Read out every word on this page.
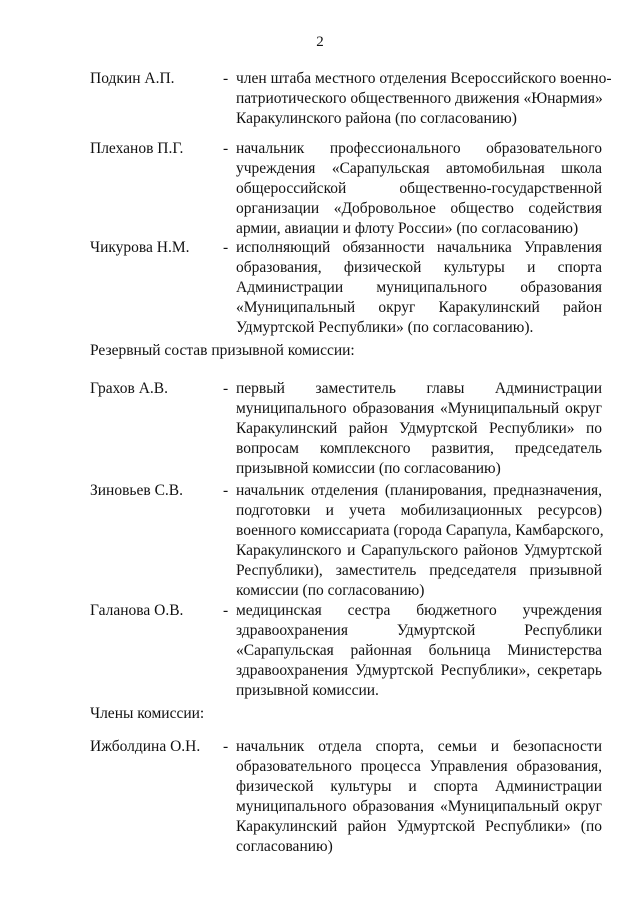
2
Подкин А.П.	- член штаба местного отделения Всероссийского военно-
патриотического общественного движения «Юнармия»
Каракулинского района (по согласованию)
Плеханов П.Г.	- начальник профессионального образовательного
учреждения «Сарапульская автомобильная школа
общероссийской общественно-государственной
организации «Добровольное общество содействия
армии, авиации и флоту России» (по согласованию)
Чикурова Н.М. - исполняющий обязанности начальника Управления
образования, физической культуры и спорта
Администрации муниципального образования
«Муниципальный округ Каракулинский район
Удмуртской Республики» (по согласованию).
Резервный состав призывной комиссии:
Грахов А.В.	- первый заместитель главы Администрации
муниципального образования «Муниципальный округ
Каракулинский район Удмуртской Республики» по
вопросам комплексного развития, председатель
призывной комиссии (по согласованию)
Зиновьев С.В.	- начальник отделения (планирования, предназначения,
подготовки и учета мобилизационных ресурсов)
военного комиссариата (города Сарапула, Камбарского,
Каракулинского и Сарапульского районов Удмуртской
Республики), заместитель председателя призывной
комиссии (по согласованию)
Галанова О.В.	- медицинская сестра бюджетного учреждения
здравоохранения Удмуртской Республики
«Сарапульская районная больница Министерства
здравоохранения Удмуртской Республики», секретарь
призывной комиссии.
Члены комиссии:
Ижболдина О.Н. - начальник отдела спорта, семьи и безопасности
образовательного процесса Управления образования,
физической культуры и спорта Администрации
муниципального образования «Муниципальный округ
Каракулинский район Удмуртской Республики» (по
согласованию)
